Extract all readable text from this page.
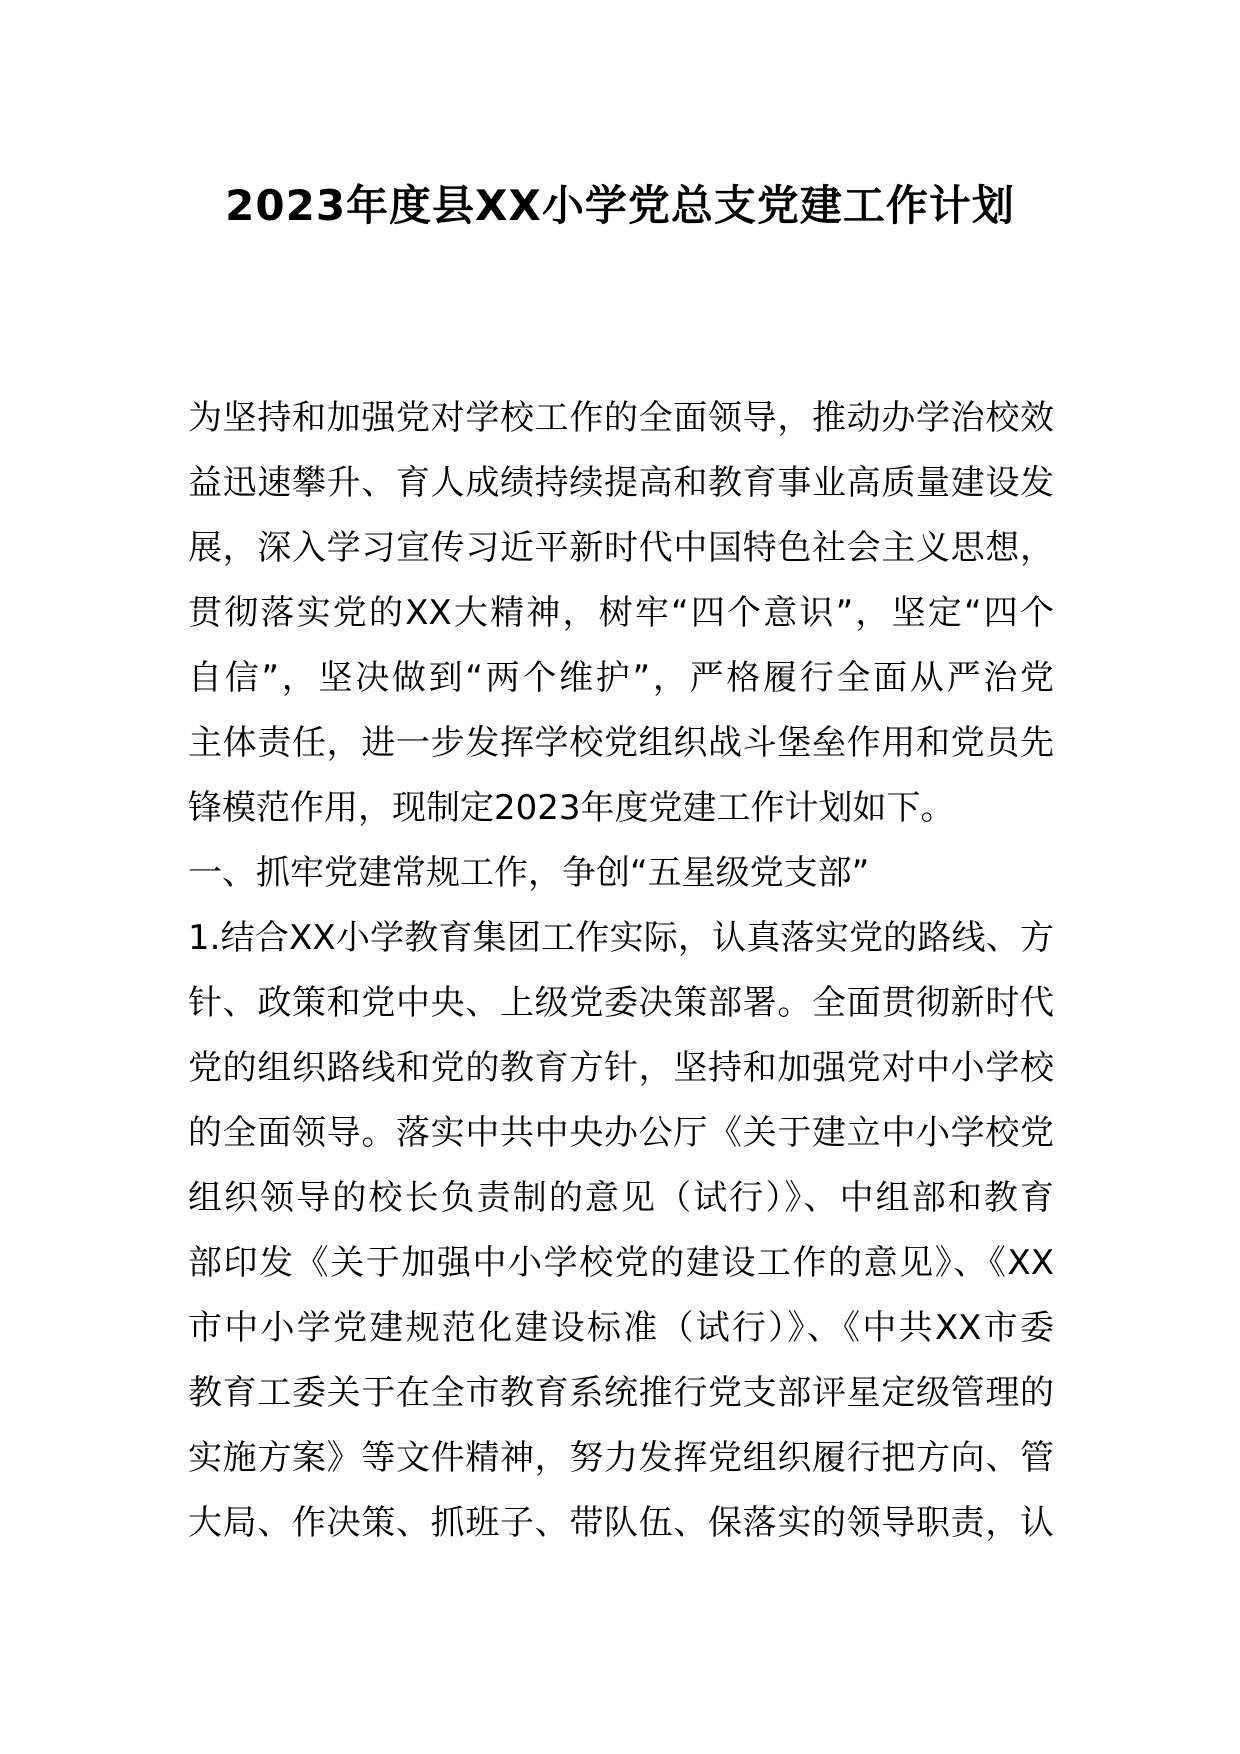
2023年度县XX小学党总支党建工作计划
为坚持和加强党对学校工作的全面领导，推动办学治校效
益迅速攀升、育人成绩持续提高和教育事业高质量建设发
展，深入学习宣传习近平新时代中国特色社会主义思想，
贯彻落实党的XX大精神，树牢“四个意识”，坚定“四个
自信”，坚决做到“两个维护”，严格履行全面从严治党
主体责任，进一步发挥学校党组织战斗堡垒作用和党员先
锋模范作用，现制定2023年度党建工作计划如下。
一、抓牢党建常规工作，争创“五星级党支部”
1.结合XX小学教育集团工作实际，认真落实党的路线、方
针、政策和党中央、上级党委决策部署。全面贯彻新时代
党的组织路线和党的教育方针，坚持和加强党对中小学校
的全面领导。落实中共中央办公厅《关于建立中小学校党
组织领导的校长负责制的意见（试行）》、中组部和教育
部印发《关于加强中小学校党的建设工作的意见》、《XX
市中小学党建规范化建设标准（试行）》、《中共XX市委
教育工委关于在全市教育系统推行党支部评星定级管理的
实施方案》等文件精神，努力发挥党组织履行把方向、管
大局、作决策、抓班子、带队伍、保落实的领导职责，认
